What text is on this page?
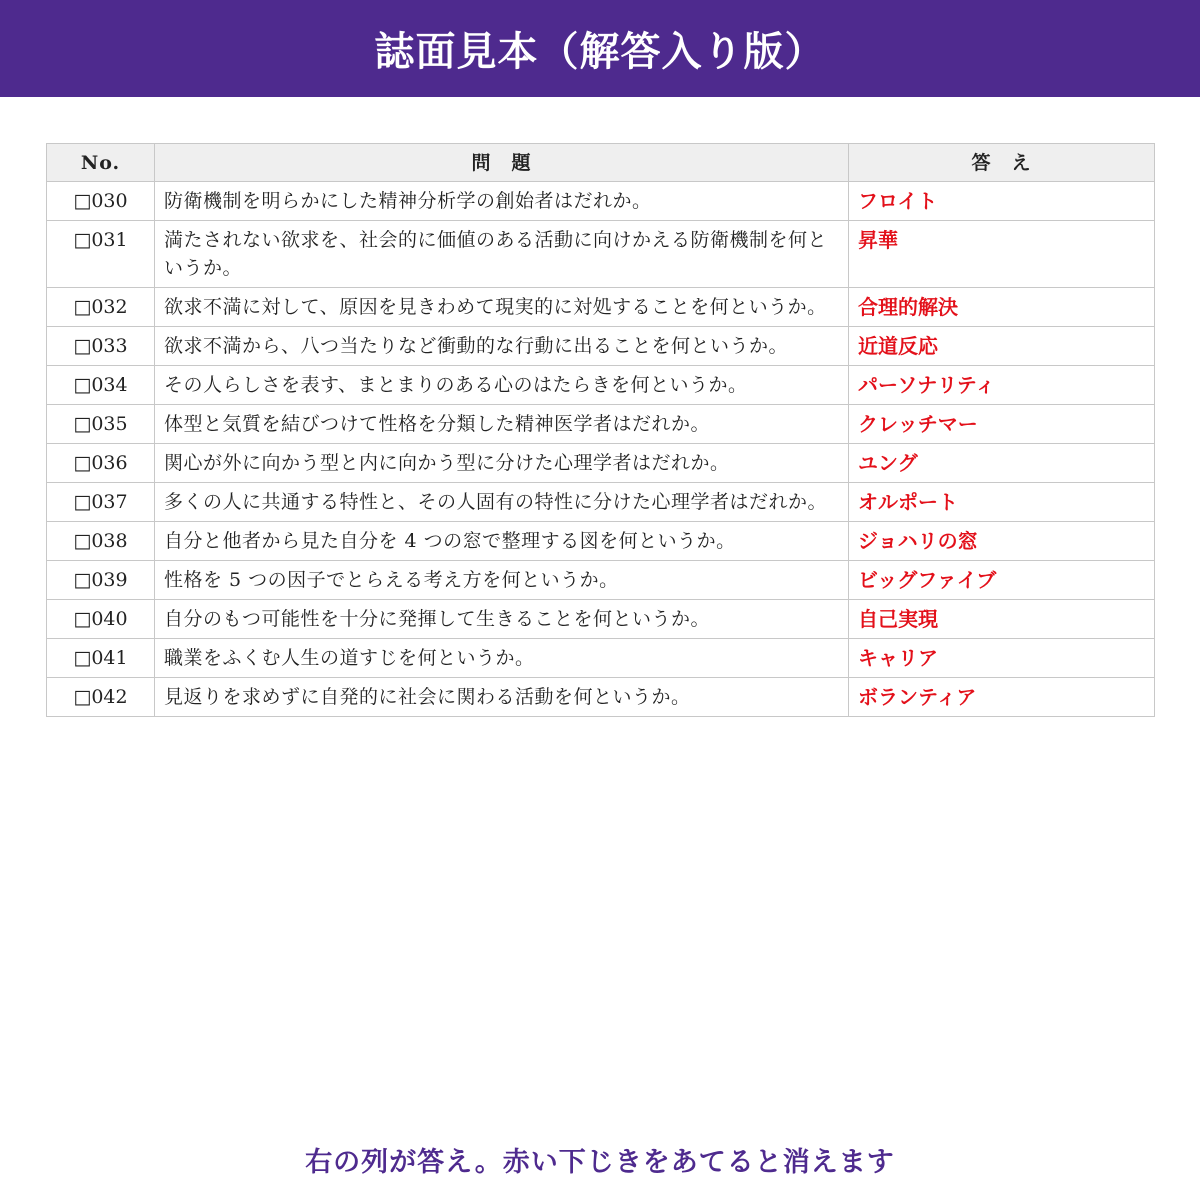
誌面見本（解答入り版）
No.	問　題	答　え
□030	防衛機制を明らかにした精神分析学の創始者はだれか。	フロイト
□031	満たされない欲求を、社会的に価値のある活動に向けかえる防衛機制を何というか。	昇華
□032	欲求不満に対して、原因を見きわめて現実的に対処することを何というか。	合理的解決
□033	欲求不満から、八つ当たりなど衝動的な行動に出ることを何というか。	近道反応
□034	その人らしさを表す、まとまりのある心のはたらきを何というか。	パーソナリティ
□035	体型と気質を結びつけて性格を分類した精神医学者はだれか。	クレッチマー
□036	関心が外に向かう型と内に向かう型に分けた心理学者はだれか。	ユング
□037	多くの人に共通する特性と、その人固有の特性に分けた心理学者はだれか。	オルポート
□038	自分と他者から見た自分を 4 つの窓で整理する図を何というか。	ジョハリの窓
□039	性格を 5 つの因子でとらえる考え方を何というか。	ビッグファイブ
□040	自分のもつ可能性を十分に発揮して生きることを何というか。	自己実現
□041	職業をふくむ人生の道すじを何というか。	キャリア
□042	見返りを求めずに自発的に社会に関わる活動を何というか。	ボランティア
右の列が答え。赤い下じきをあてると消えます
